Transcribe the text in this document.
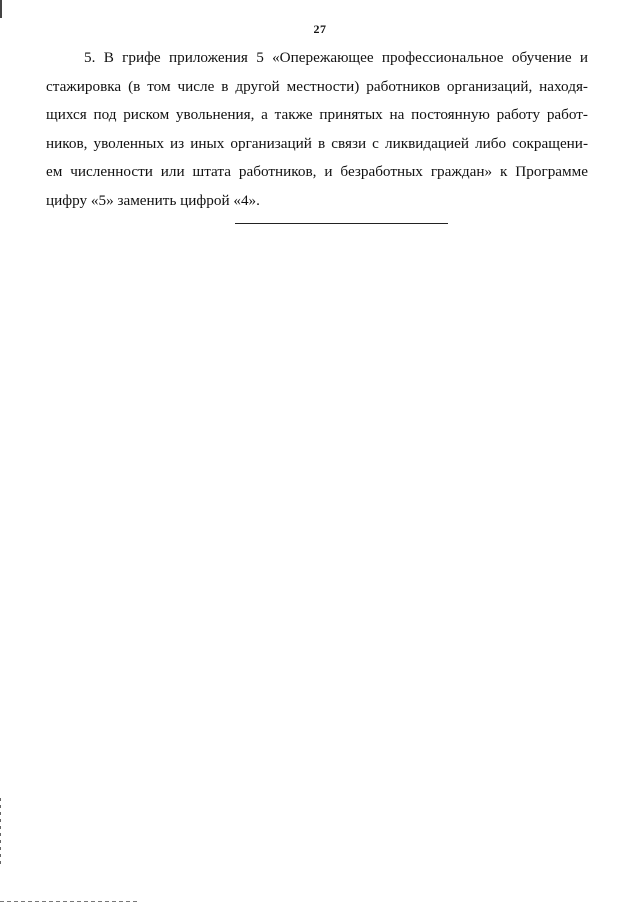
27

5. В грифе приложения 5 «Опережающее профессиональное обучение и
стажировка (в том числе в другой местности) работников организаций, находя-
щихся под риском увольнения, а также принятых на постоянную работу работ-
ников, уволенных из иных организаций в связи с ликвидацией либо сокращени-
ем численности или штата работников, и безработных граждан» к Программе
цифру «5» заменить цифрой «4».
